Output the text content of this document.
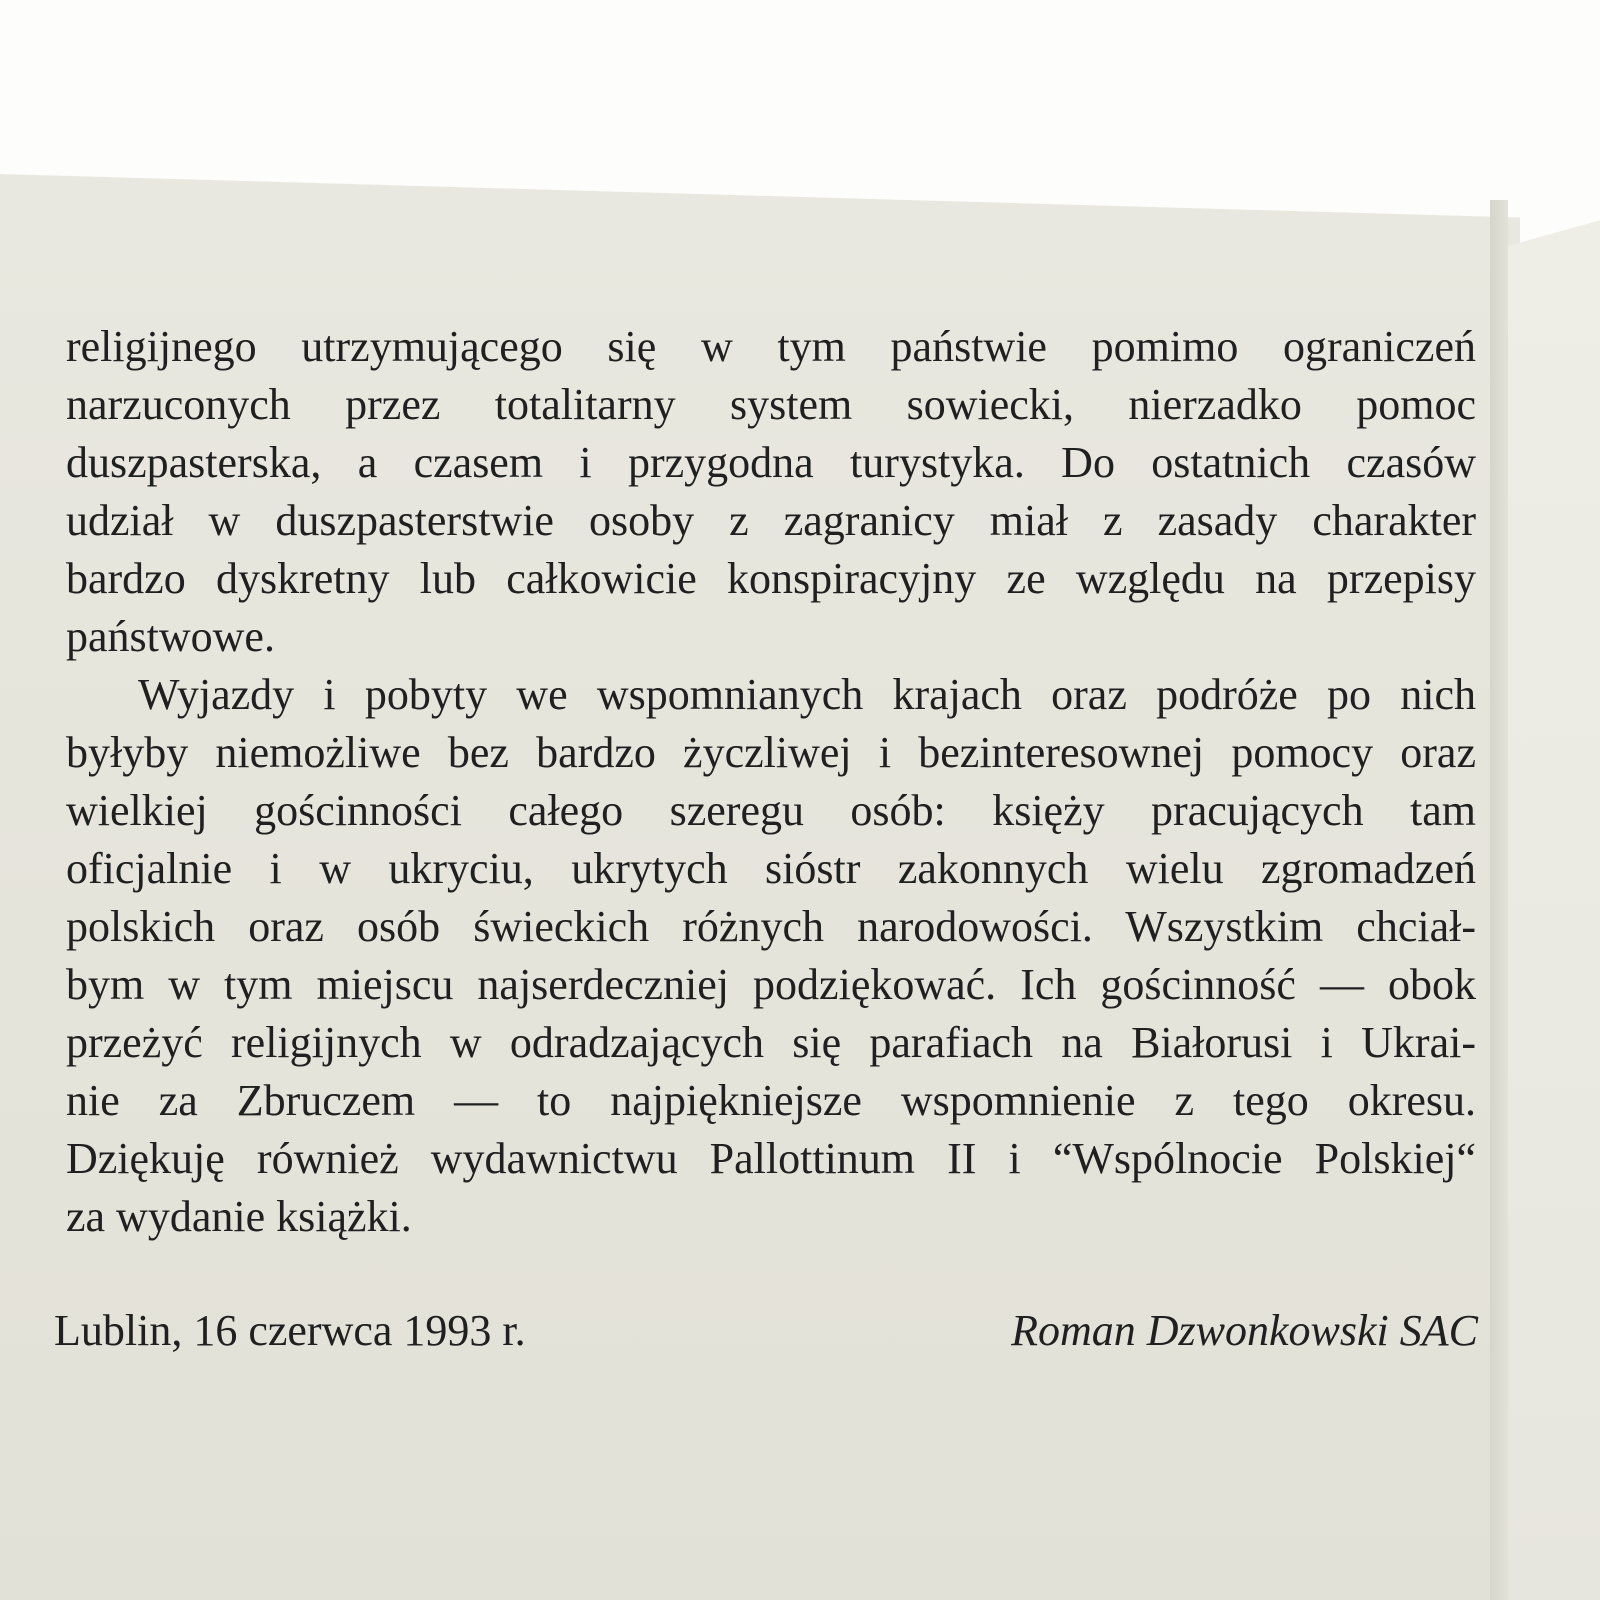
religijnego utrzymującego się w tym państwie pomimo ograniczeń
narzuconych przez totalitarny system sowiecki, nierzadko pomoc
duszpasterska, a czasem i przygodna turystyka. Do ostatnich czasów
udział w duszpasterstwie osoby z zagranicy miał z zasady charakter
bardzo dyskretny lub całkowicie konspiracyjny ze względu na przepisy
państwowe.
Wyjazdy i pobyty we wspomnianych krajach oraz podróże po nich
byłyby niemożliwe bez bardzo życzliwej i bezinteresownej pomocy oraz
wielkiej gościnności całego szeregu osób: księży pracujących tam
oficjalnie i w ukryciu, ukrytych sióstr zakonnych wielu zgromadzeń
polskich oraz osób świeckich różnych narodowości. Wszystkim chciał-
bym w tym miejscu najserdeczniej podziękować. Ich gościnność — obok
przeżyć religijnych w odradzających się parafiach na Białorusi i Ukrai-
nie za Zbruczem — to najpiękniejsze wspomnienie z tego okresu.
Dziękuję również wydawnictwu Pallottinum II i “Wspólnocie Polskiej“
za wydanie książki.
Lublin, 16 czerwca 1993 r.	Roman Dzwonkowski SAC
